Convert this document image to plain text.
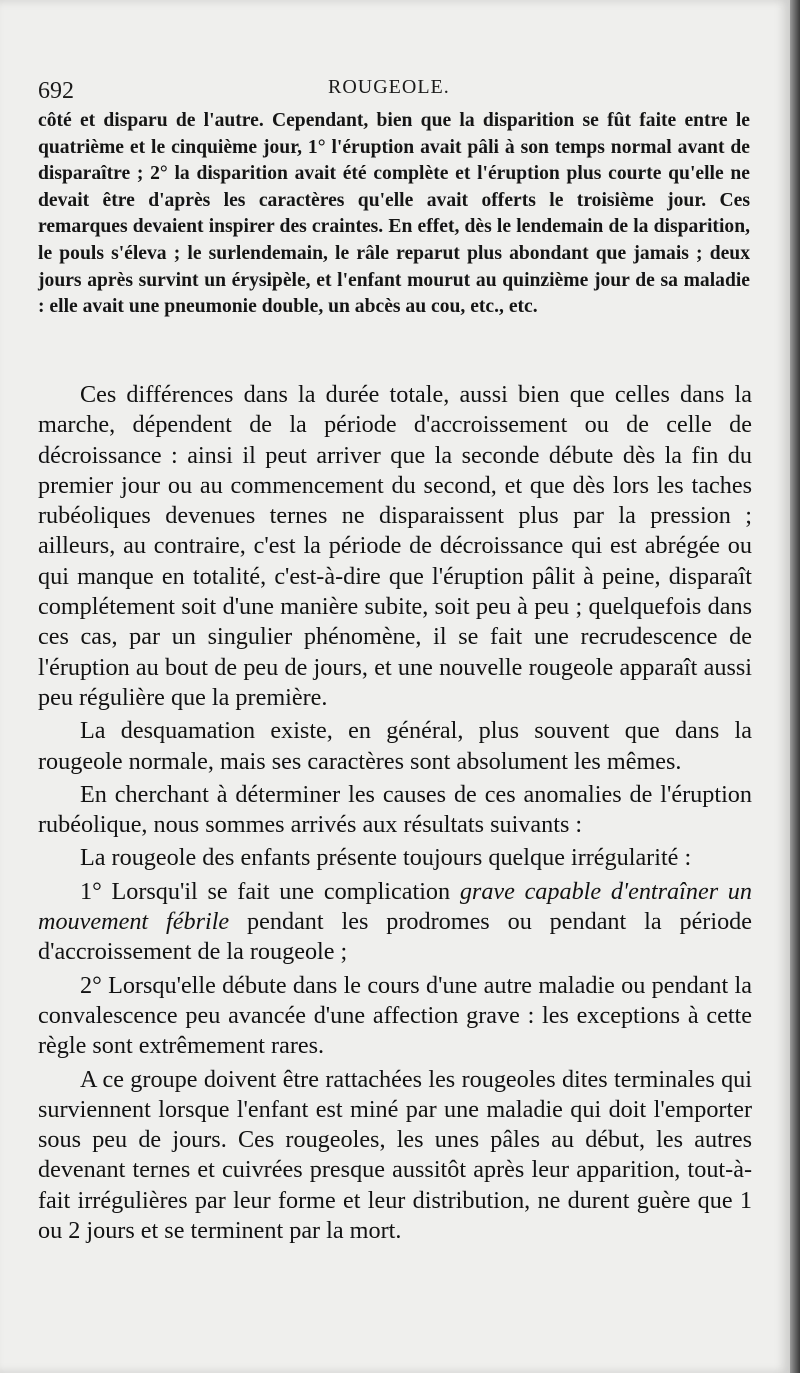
692	ROUGEOLE.

côté et disparu de l'autre. Cependant, bien que la disparition se fût faite entre le quatrième et le cinquième jour, 1° l'éruption avait pâli à son temps normal avant de disparaître ; 2° la disparition avait été complète et l'éruption plus courte qu'elle ne devait être d'après les caractères qu'elle avait offerts le troisième jour. Ces remarques devaient inspirer des craintes. En effet, dès le lendemain de la disparition, le pouls s'éleva ; le surlendemain, le râle reparut plus abondant que jamais ; deux jours après survint un érysipèle, et l'enfant mourut au quinzième jour de sa maladie : elle avait une pneumonie double, un abcès au cou, etc., etc.

Ces différences dans la durée totale, aussi bien que celles dans la marche, dépendent de la période d'accroissement ou de celle de décroissance : ainsi il peut arriver que la seconde débute dès la fin du premier jour ou au commencement du second, et que dès lors les taches rubéoliques devenues ternes ne disparaissent plus par la pression ; ailleurs, au contraire, c'est la période de décroissance qui est abrégée ou qui manque en totalité, c'est-à-dire que l'éruption pâlit à peine, disparaît complétement soit d'une manière subite, soit peu à peu ; quelquefois dans ces cas, par un singulier phénomène, il se fait une recrudescence de l'éruption au bout de peu de jours, et une nouvelle rougeole apparaît aussi peu régulière que la première.

La desquamation existe, en général, plus souvent que dans la rougeole normale, mais ses caractères sont absolument les mêmes.

En cherchant à déterminer les causes de ces anomalies de l'éruption rubéolique, nous sommes arrivés aux résultats suivants :

La rougeole des enfants présente toujours quelque irrégularité :

1° Lorsqu'il se fait une complication grave capable d'entraîner un mouvement fébrile pendant les prodromes ou pendant la période d'accroissement de la rougeole ;

2° Lorsqu'elle débute dans le cours d'une autre maladie ou pendant la convalescence peu avancée d'une affection grave : les exceptions à cette règle sont extrêmement rares.

A ce groupe doivent être rattachées les rougeoles dites terminales qui surviennent lorsque l'enfant est miné par une maladie qui doit l'emporter sous peu de jours. Ces rougeoles, les unes pâles au début, les autres devenant ternes et cuivrées presque aussitôt après leur apparition, tout-à-fait irrégulières par leur forme et leur distribution, ne durent guère que 1 ou 2 jours et se terminent par la mort.
